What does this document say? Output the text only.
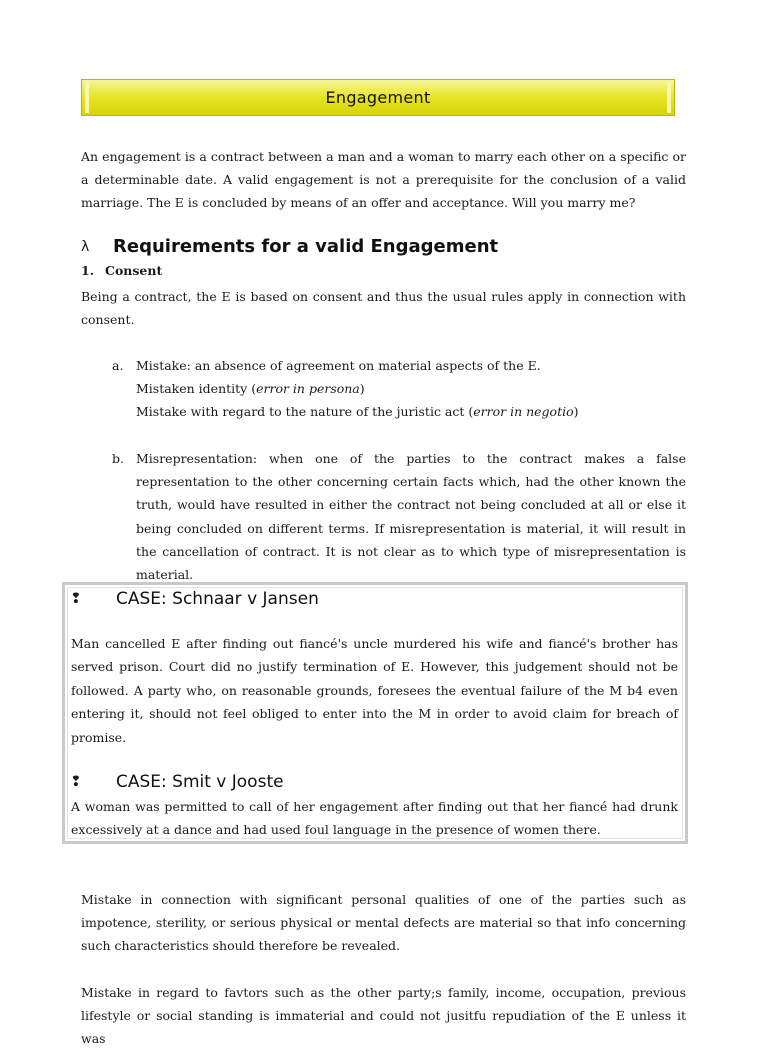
Engagement

An engagement is a contract between a man and a woman to marry each other on a specific or a determinable date. A valid engagement is not a prerequisite for the conclusion of a valid marriage. The E is concluded by means of an offer and acceptance. Will you marry me?

λ	Requirements for a valid Engagement
1. Consent

Being a contract, the E is based on consent and thus the usual rules apply in connection with consent.

a. Mistake: an absence of agreement on material aspects of the E.
Mistaken identity (error in persona)
Mistake with regard to the nature of the juristic act (error in negotio)
b. Misrepresentation: when one of the parties to the contract makes a false representation to the other concerning certain facts which, had the other known the truth, would have resulted in either the contract not being concluded at all or else it being concluded on different terms. If misrepresentation is material, it will result in the cancellation of contract. It is not clear as to which type of misrepresentation is material.
❢	CASE: Schnaar v Jansen

Man cancelled E after finding out fiancé's uncle murdered his wife and fiancé's brother has served prison. Court did no justify termination of E. However, this judgement should not be followed. A party who, on reasonable grounds, foresees the eventual failure of the M b4 even entering it, should not feel obliged to enter into the M in order to avoid claim for breach of promise.

❢	CASE: Smit v Jooste

A woman was permitted to call of her engagement after finding out that her fiancé had drunk excessively at a dance and had used foul language in the presence of women there.

Mistake in connection with significant personal qualities of one of the parties such as impotence, sterility, or serious physical or mental defects are material so that info concerning such characteristics should therefore be revealed.

Mistake in regard to favtors such as the other party;s family, income, occupation, previous lifestyle or social standing is immaterial and could not jusitfu repudiation of the E unless it was
